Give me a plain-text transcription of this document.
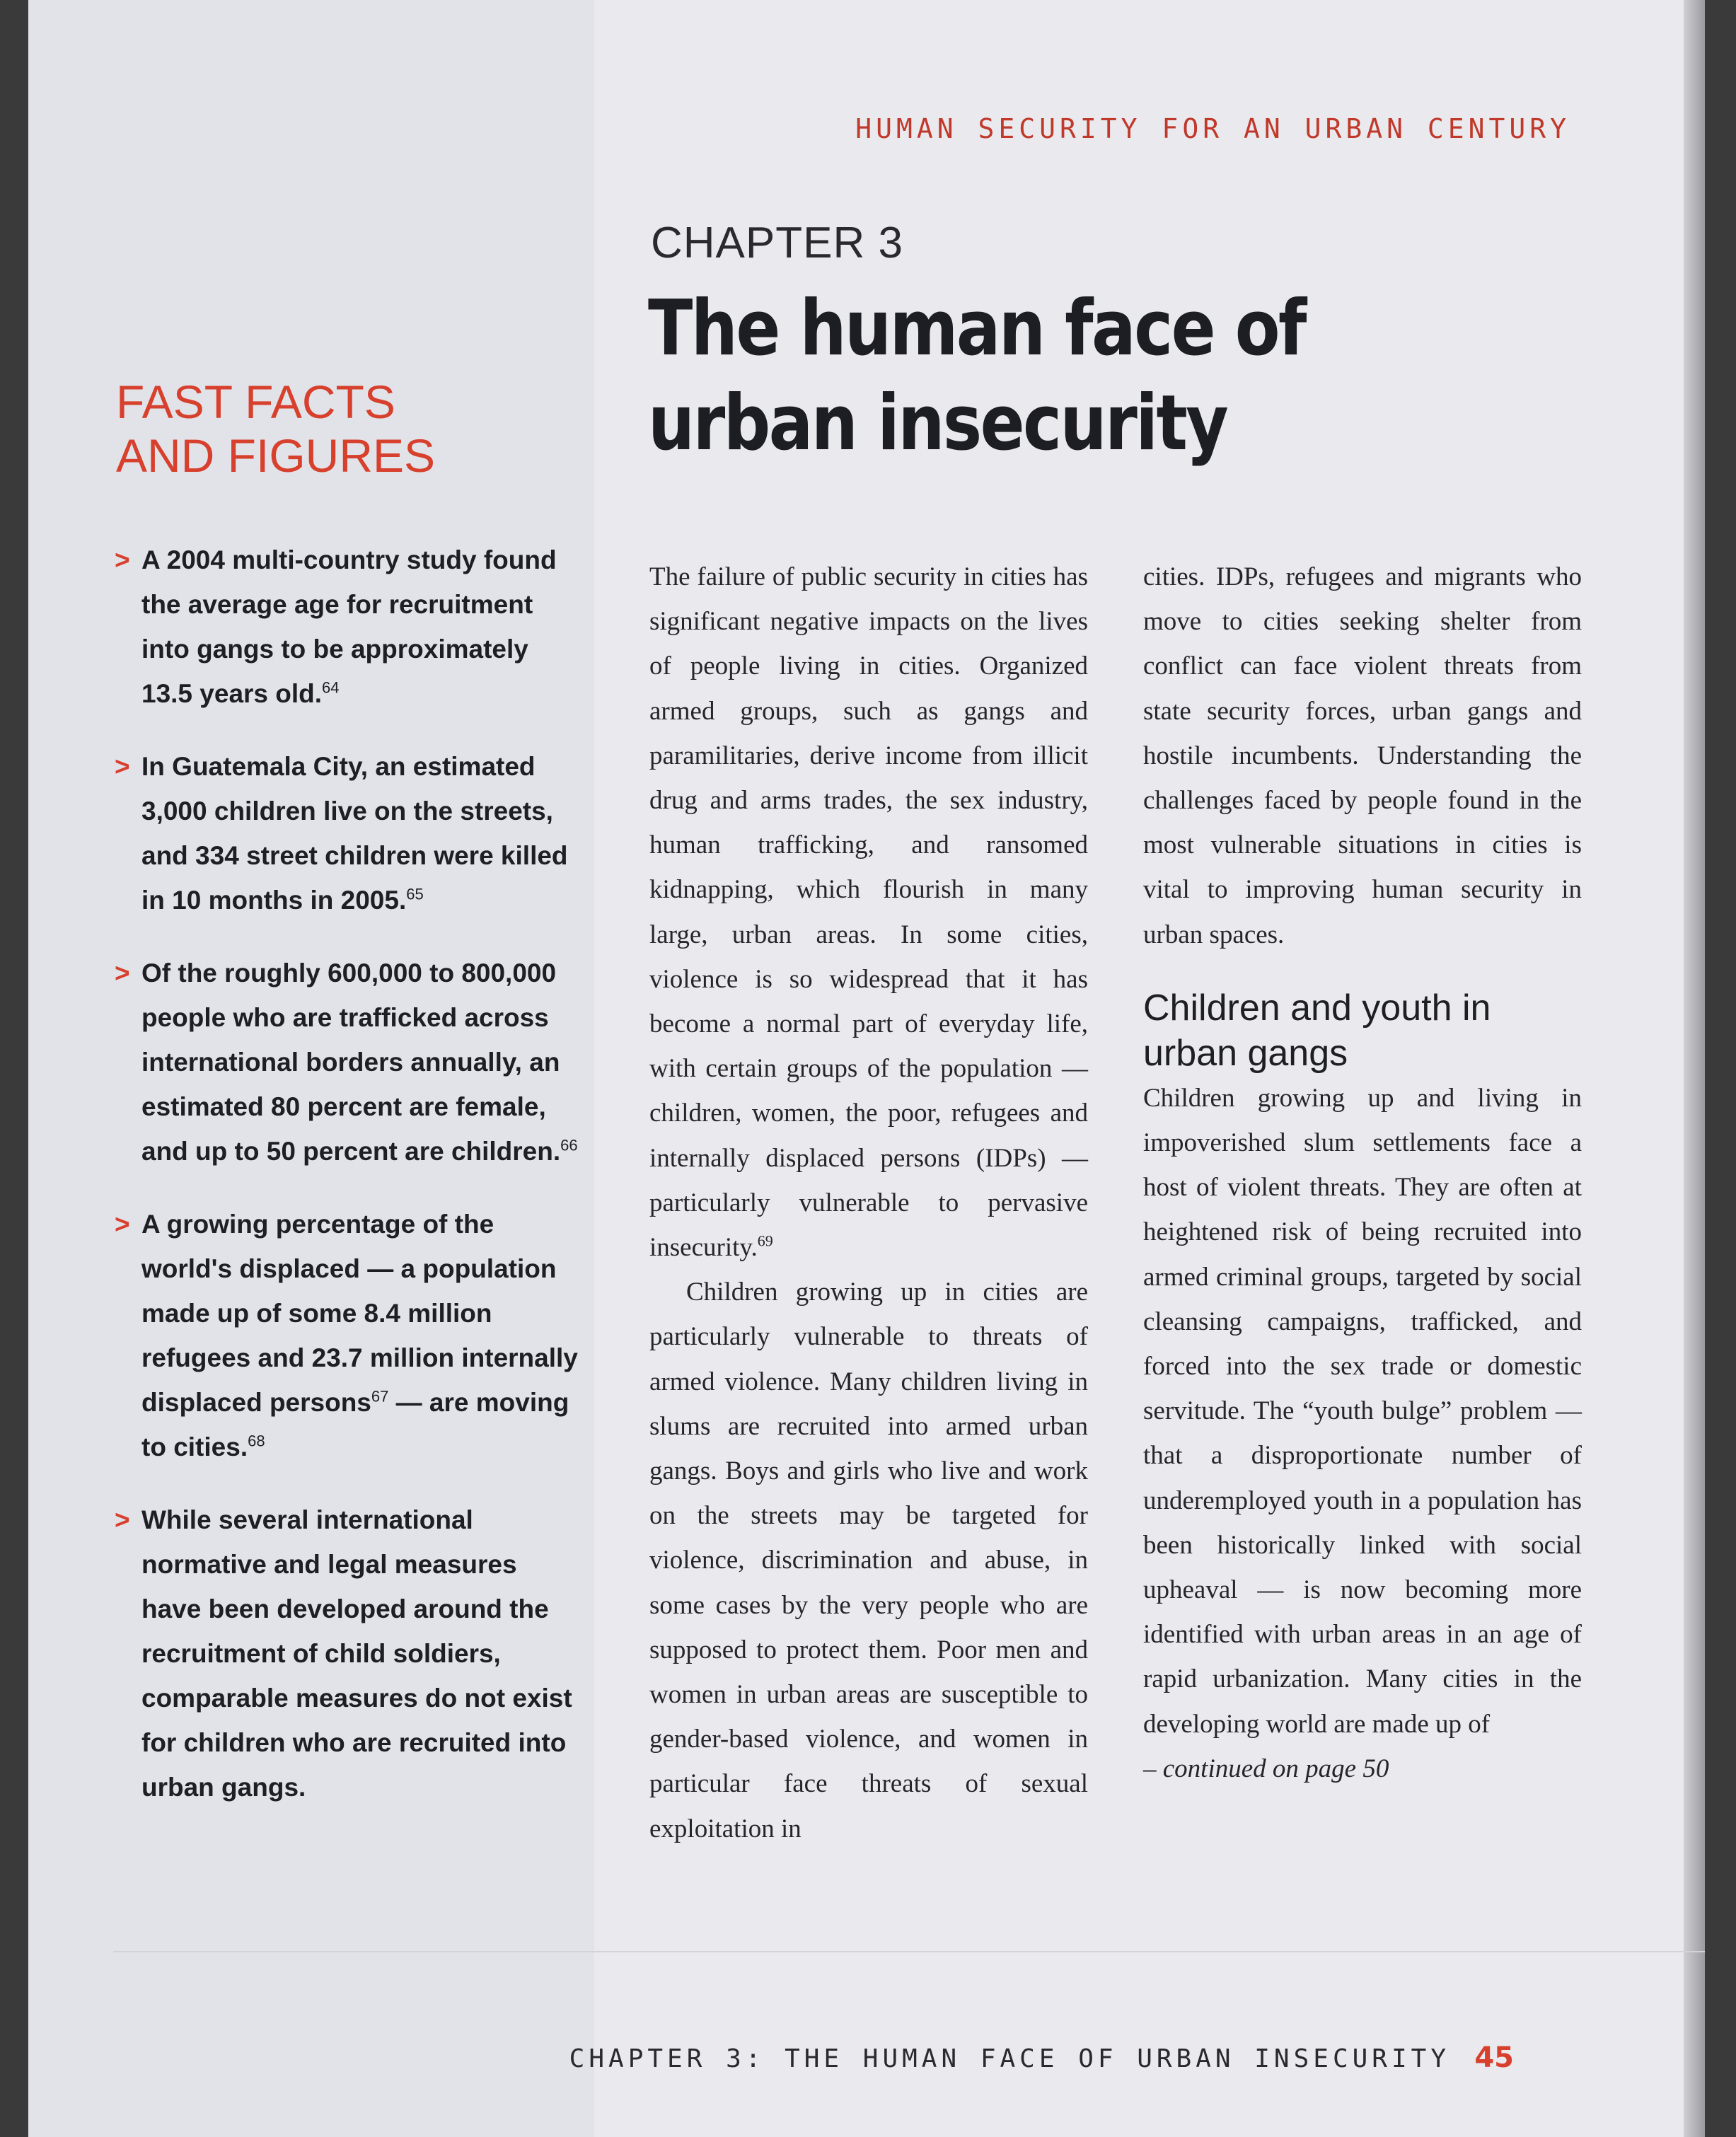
HUMAN SECURITY FOR AN URBAN CENTURY
CHAPTER 3
The human face of
urban insecurity
FAST FACTS
AND FIGURES
> A 2004 multi-country study found the average age for recruitment into gangs to be approximately 13.5 years old.$^{64}$
> In Guatemala City, an estimated 3,000 children live on the streets, and 334 street children were killed in 10 months in 2005.65
> Of the roughly 600,000 to 800,000 people who are trafficked across international borders annually, an estimated 80 percent are female, and up to 50 percent are children.$^{66}$
> A growing percentage of the world's displaced — a population made up of some 8.4 million refugees and 23.7 million internally displaced persons$^{67}$ — are moving to cities.$^{68}$
> While several international normative and legal measures have been developed around the recruitment of child soldiers, comparable measures do not exist for children who are recruited into urban gangs.

The failure of public security in cities has significant negative impacts on the lives of people living in cities. Organized armed groups, such as gangs and paramilitaries, derive income from illicit drug and arms trades, the sex industry, human trafficking, and ransomed kidnapping, which flourish in many large, urban areas. In some cities, violence is so widespread that it has become a normal part of everyday life, with certain groups of the population — children, women, the poor, refugees and internally displaced persons (IDPs) — particularly vulnerable to pervasive insecurity.$^{69}$

Children growing up in cities are particularly vulnerable to threats of armed violence. Many children living in slums are recruited into armed urban gangs. Boys and girls who live and work on the streets may be targeted for violence, discrimination and abuse, in some cases by the very people who are supposed to protect them. Poor men and women in urban areas are susceptible to gender-based violence, and women in particular face threats of sexual exploitation in

cities. IDPs, refugees and migrants who move to cities seeking shelter from conflict can face violent threats from state security forces, urban gangs and hostile incumbents. Understanding the challenges faced by people found in the most vulnerable situations in cities is vital to improving human security in urban spaces.

Children and youth in urban gangs

Children growing up and living in impoverished slum settlements face a host of violent threats. They are often at heightened risk of being recruited into armed criminal groups, targeted by social cleansing campaigns, trafficked, and forced into the sex trade or domestic servitude. The “youth bulge” problem — that a disproportionate number of underemployed youth in a population has been historically linked with social upheaval — is now becoming more identified with urban areas in an age of rapid urbanization. Many cities in the developing world are made up of

– continued on page 50

CHAPTER 3: THE HUMAN FACE OF URBAN INSECURITY 45
